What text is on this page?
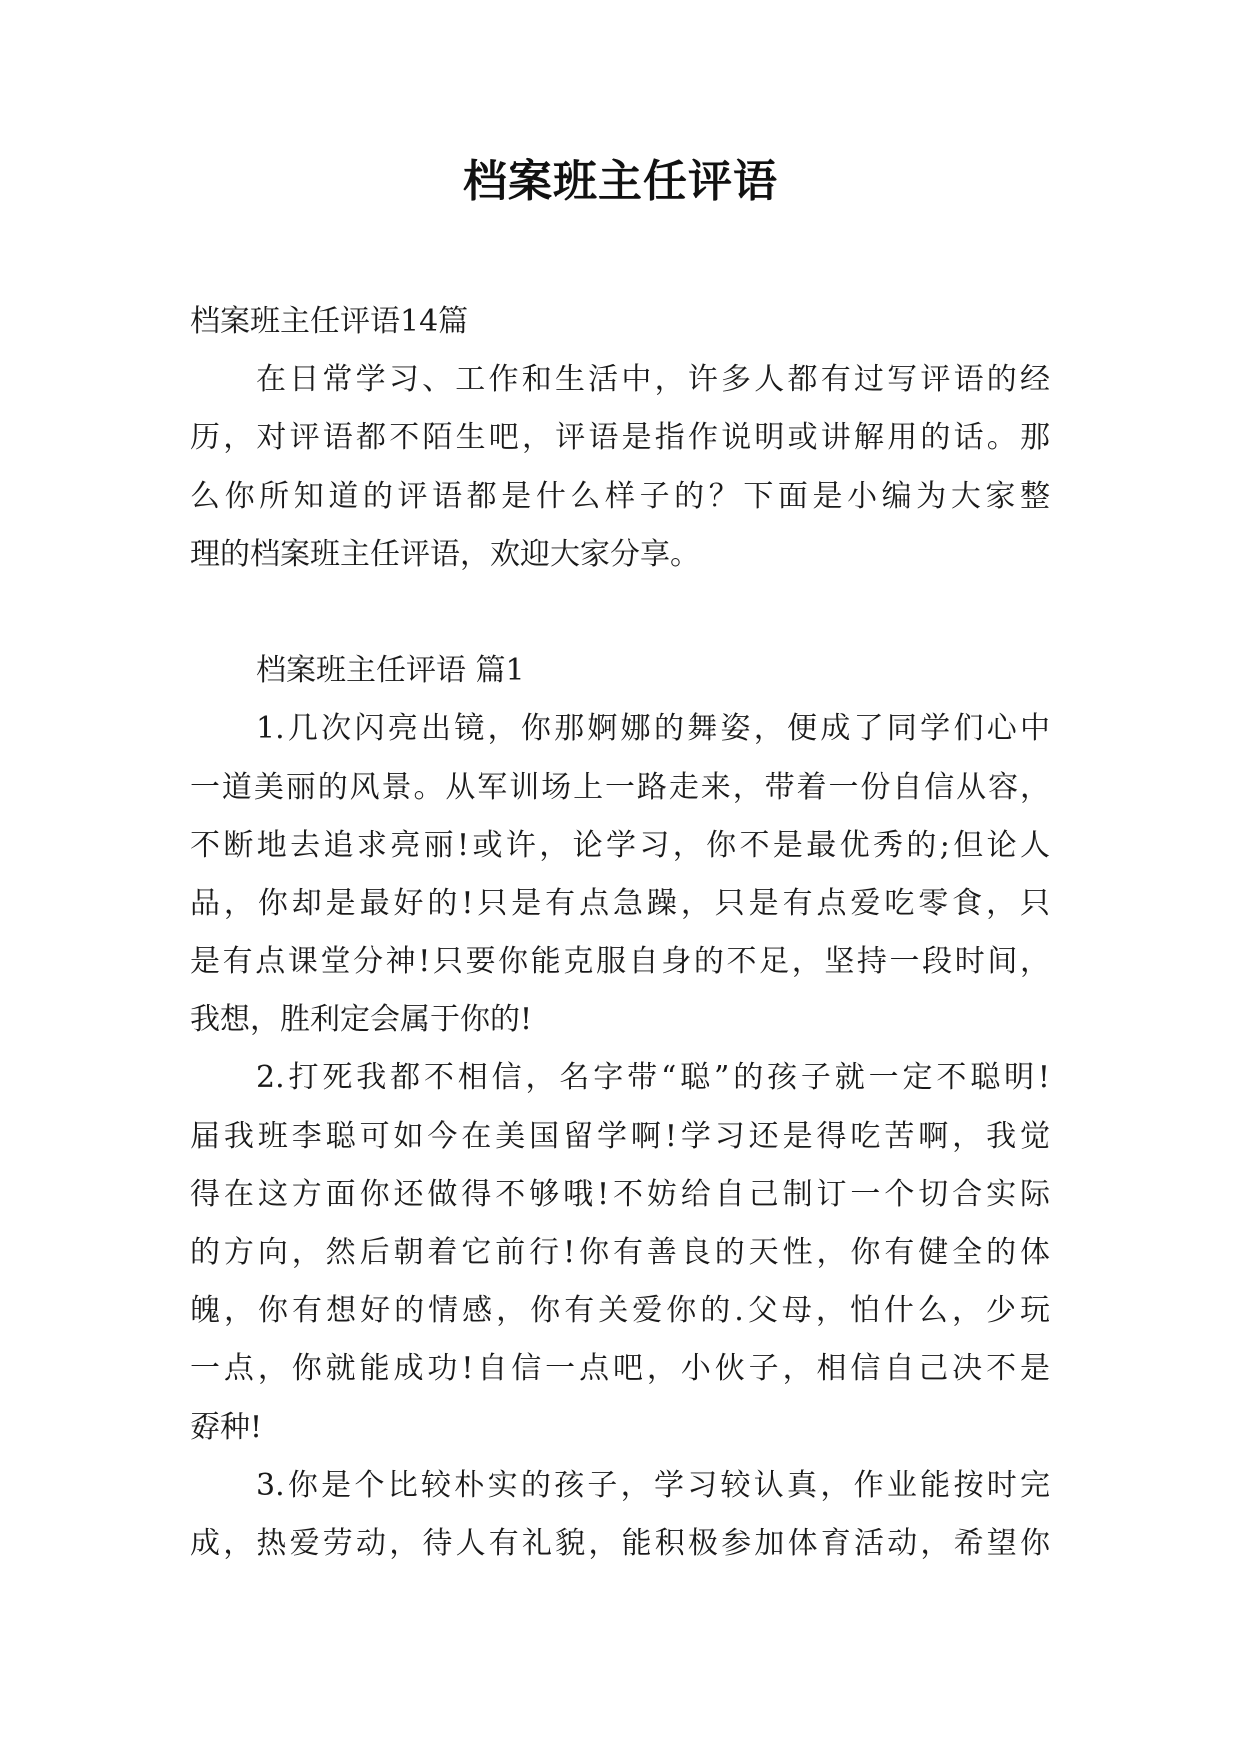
档案班主任评语
档案班主任评语14篇
在日常学习、工作和生活中，许多人都有过写评语的经
历，对评语都不陌生吧，评语是指作说明或讲解用的话。那
么你所知道的评语都是什么样子的？下面是小编为大家整
理的档案班主任评语，欢迎大家分享。
档案班主任评语 篇1
1.几次闪亮出镜，你那婀娜的舞姿，便成了同学们心中
一道美丽的风景。从军训场上一路走来，带着一份自信从容，
不断地去追求亮丽!或许，论学习，你不是最优秀的;但论人
品，你却是最好的!只是有点急躁，只是有点爱吃零食，只
是有点课堂分神!只要你能克服自身的不足，坚持一段时间，
我想，胜利定会属于你的!
2.打死我都不相信，名字带“聪”的孩子就一定不聪明!
届我班李聪可如今在美国留学啊!学习还是得吃苦啊，我觉
得在这方面你还做得不够哦!不妨给自己制订一个切合实际
的方向，然后朝着它前行!你有善良的天性，你有健全的体
魄，你有想好的情感，你有关爱你的.父母，怕什么，少玩
一点，你就能成功!自信一点吧，小伙子，相信自己决不是
孬种!
3.你是个比较朴实的孩子，学习较认真，作业能按时完
成，热爱劳动，待人有礼貌，能积极参加体育活动，希望你
